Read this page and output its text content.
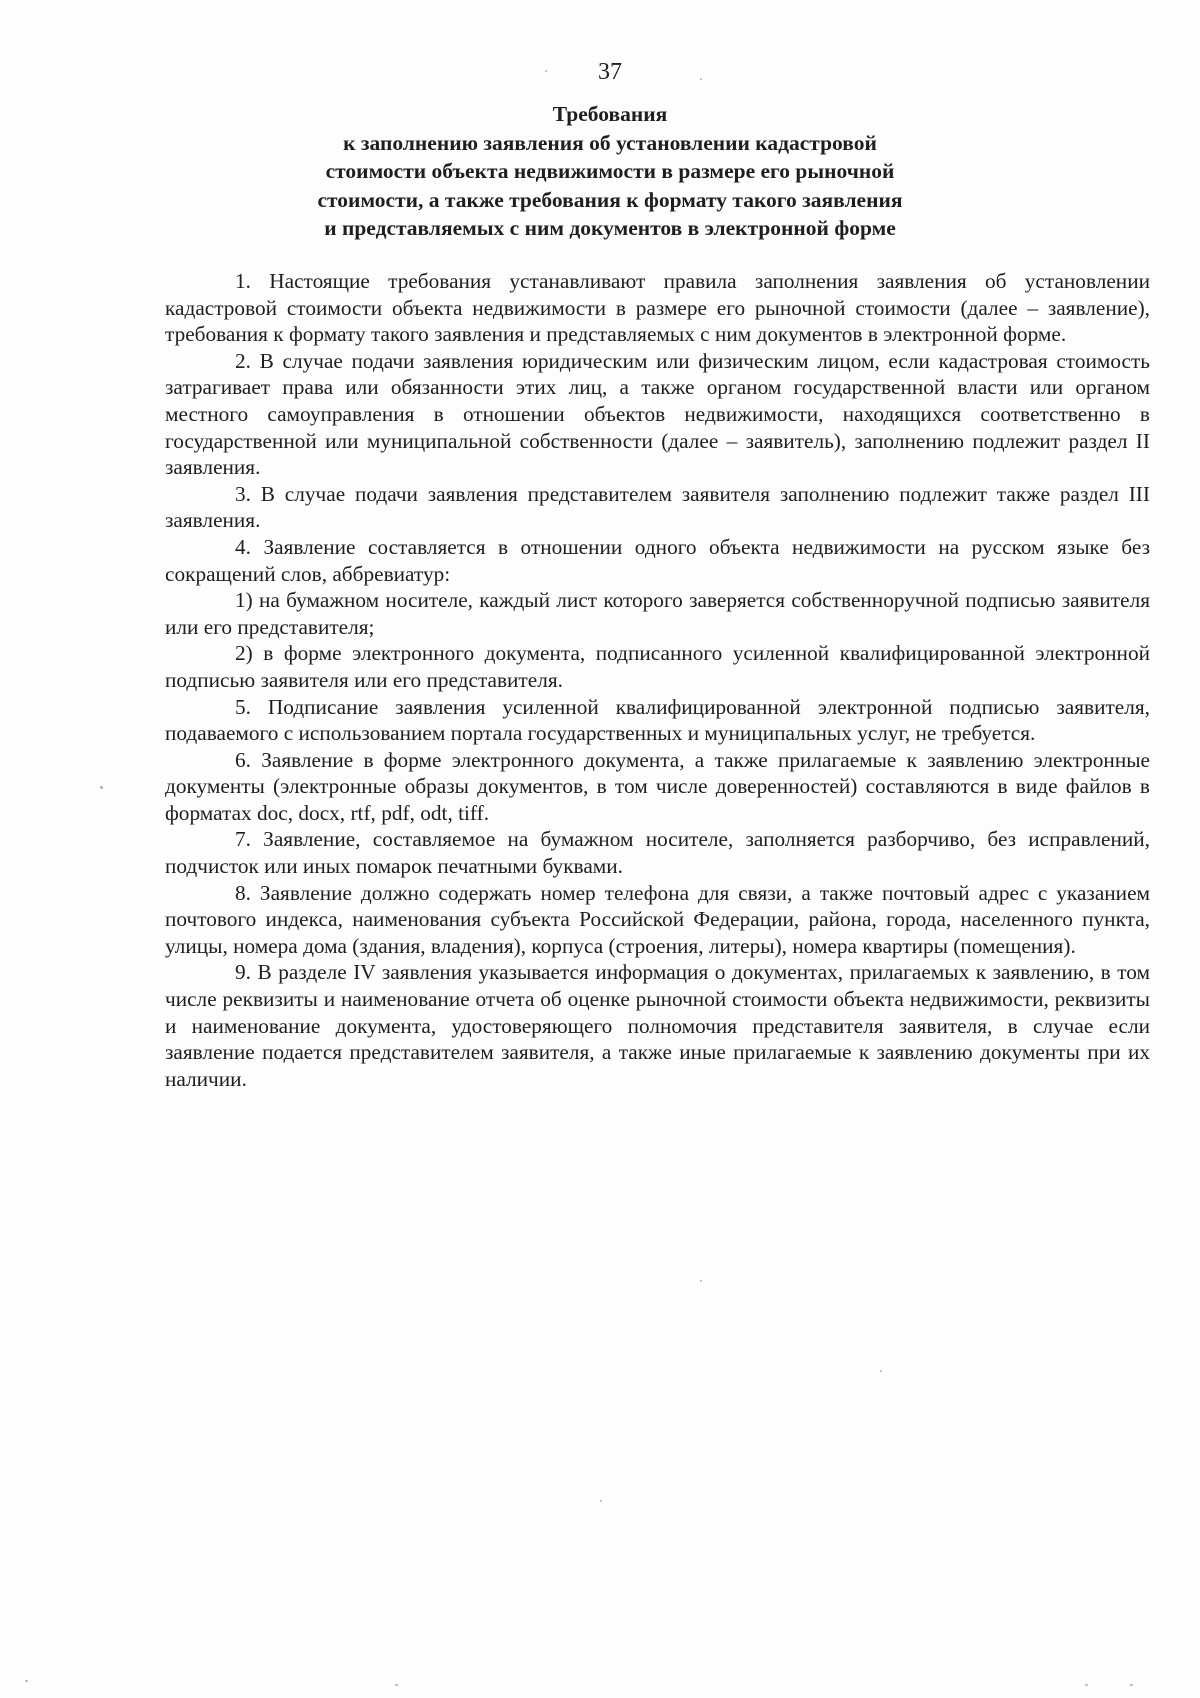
37
Требования
к заполнению заявления об установлении кадастровой
стоимости объекта недвижимости в размере его рыночной
стоимости, а также требования к формату такого заявления
и представляемых с ним документов в электронной форме

1. Настоящие требования устанавливают правила заполнения заявления об установлении кадастровой стоимости объекта недвижимости в размере его рыночной стоимости (далее – заявление), требования к формату такого заявления и представляемых с ним документов в электронной форме.

2. В случае подачи заявления юридическим или физическим лицом, если кадастровая стоимость затрагивает права или обязанности этих лиц, а также органом государственной власти или органом местного самоуправления в отношении объектов недвижимости, находящихся соответственно в государственной или муниципальной собственности (далее – заявитель), заполнению подлежит раздел II заявления.

3. В случае подачи заявления представителем заявителя заполнению подлежит также раздел III заявления.

4. Заявление составляется в отношении одного объекта недвижимости на русском языке без сокращений слов, аббревиатур:

1) на бумажном носителе, каждый лист которого заверяется собственноручной подписью заявителя или его представителя;

2) в форме электронного документа, подписанного усиленной квалифицированной электронной подписью заявителя или его представителя.

5. Подписание заявления усиленной квалифицированной электронной подписью заявителя, подаваемого с использованием портала государственных и муниципальных услуг, не требуется.

6. Заявление в форме электронного документа, а также прилагаемые к заявлению электронные документы (электронные образы документов, в том числе доверенностей) составляются в виде файлов в форматах doc, docx, rtf, pdf, odt, tiff.

7. Заявление, составляемое на бумажном носителе, заполняется разборчиво, без исправлений, подчисток или иных помарок печатными буквами.

8. Заявление должно содержать номер телефона для связи, а также почтовый адрес с указанием почтового индекса, наименования субъекта Российской Федерации, района, города, населенного пункта, улицы, номера дома (здания, владения), корпуса (строения, литеры), номера квартиры (помещения).

9. В разделе IV заявления указывается информация о документах, прилагаемых к заявлению, в том числе реквизиты и наименование отчета об оценке рыночной стоимости объекта недвижимости, реквизиты и наименование документа, удостоверяющего полномочия представителя заявителя, в случае если заявление подается представителем заявителя, а также иные прилагаемые к заявлению документы при их наличии.
